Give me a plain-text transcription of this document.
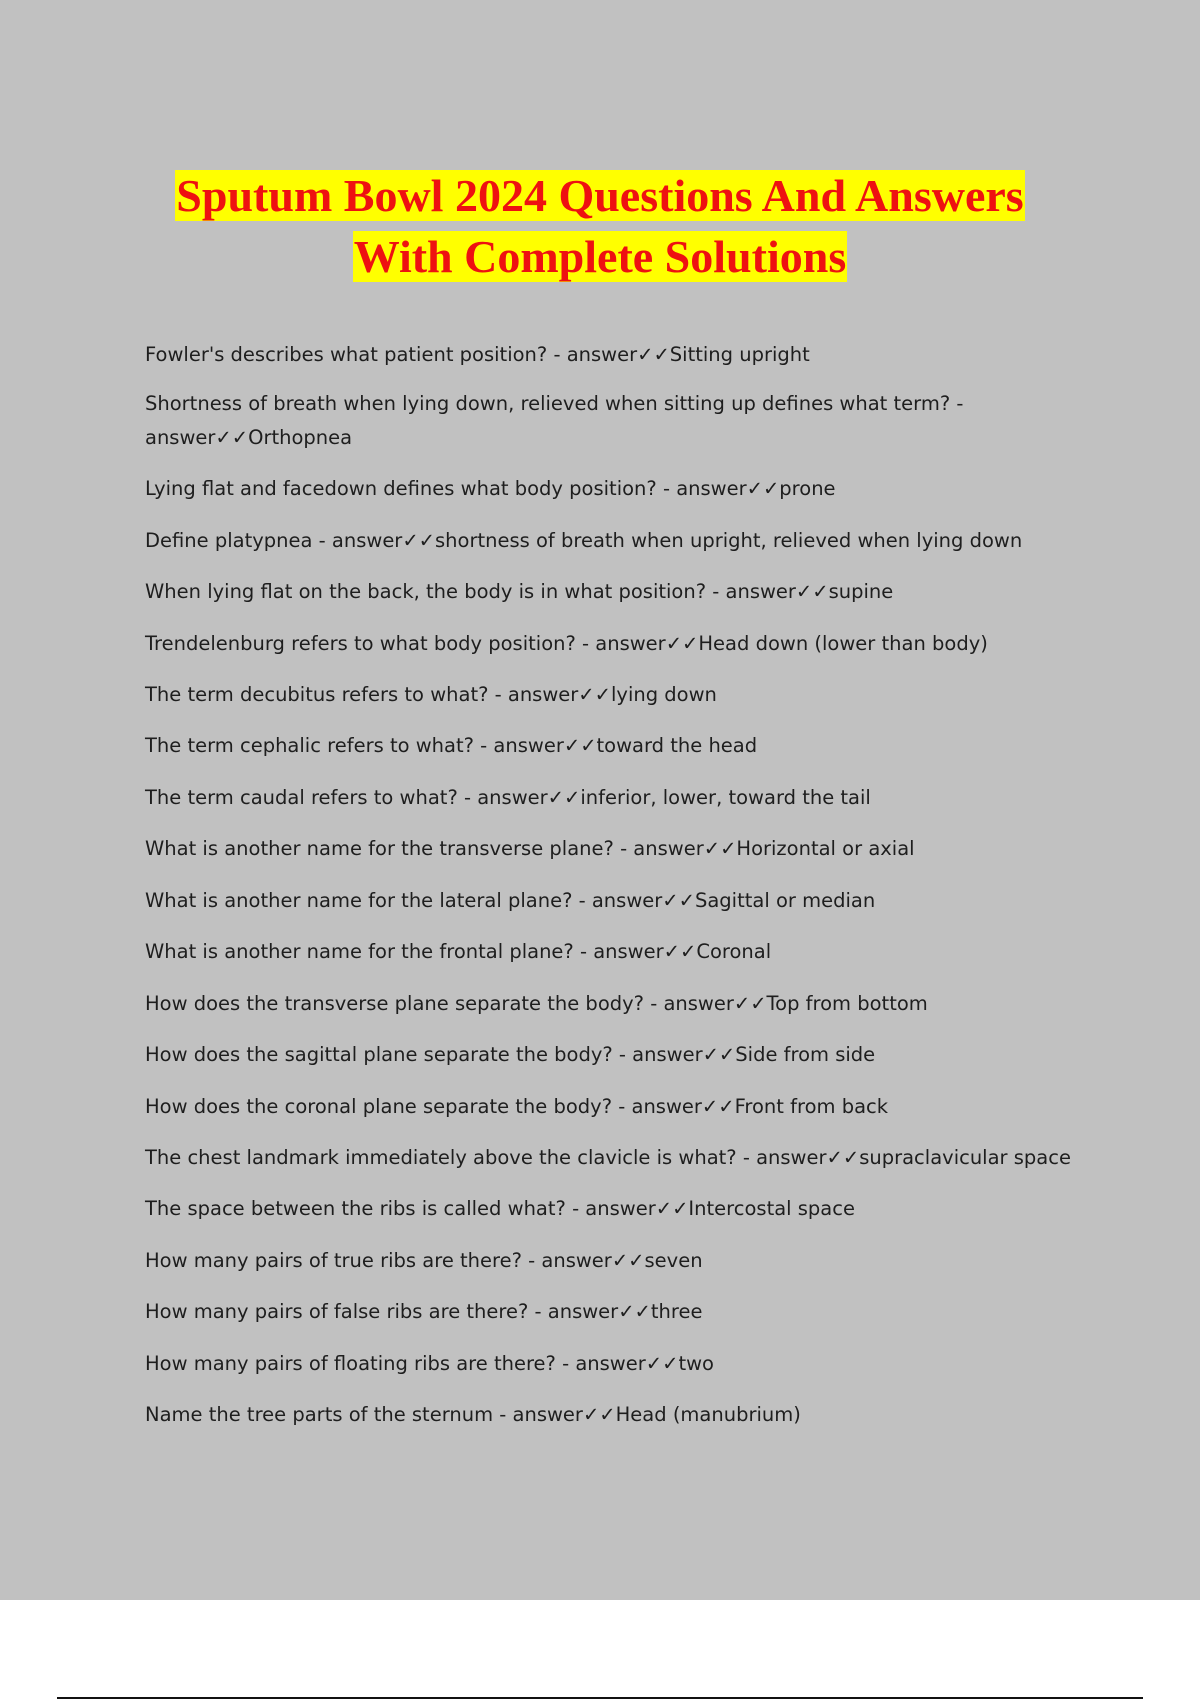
Sputum Bowl 2024 Questions And Answers
With Complete Solutions
Fowler's describes what patient position? - answer✓✓Sitting upright
Shortness of breath when lying down, relieved when sitting up defines what term? - answer✓✓Orthopnea
Lying flat and facedown defines what body position? - answer✓✓prone
Define platypnea - answer✓✓shortness of breath when upright, relieved when lying down
When lying flat on the back, the body is in what position? - answer✓✓supine
Trendelenburg refers to what body position? - answer✓✓Head down (lower than body)
The term decubitus refers to what? - answer✓✓lying down
The term cephalic refers to what? - answer✓✓toward the head
The term caudal refers to what? - answer✓✓inferior, lower, toward the tail
What is another name for the transverse plane? - answer✓✓Horizontal or axial
What is another name for the lateral plane? - answer✓✓Sagittal or median
What is another name for the frontal plane? - answer✓✓Coronal
How does the transverse plane separate the body? - answer✓✓Top from bottom
How does the sagittal plane separate the body? - answer✓✓Side from side
How does the coronal plane separate the body? - answer✓✓Front from back
The chest landmark immediately above the clavicle is what? - answer✓✓supraclavicular space
The space between the ribs is called what? - answer✓✓Intercostal space
How many pairs of true ribs are there? - answer✓✓seven
How many pairs of false ribs are there? - answer✓✓three
How many pairs of floating ribs are there? - answer✓✓two
Name the tree parts of the sternum - answer✓✓Head (manubrium)
